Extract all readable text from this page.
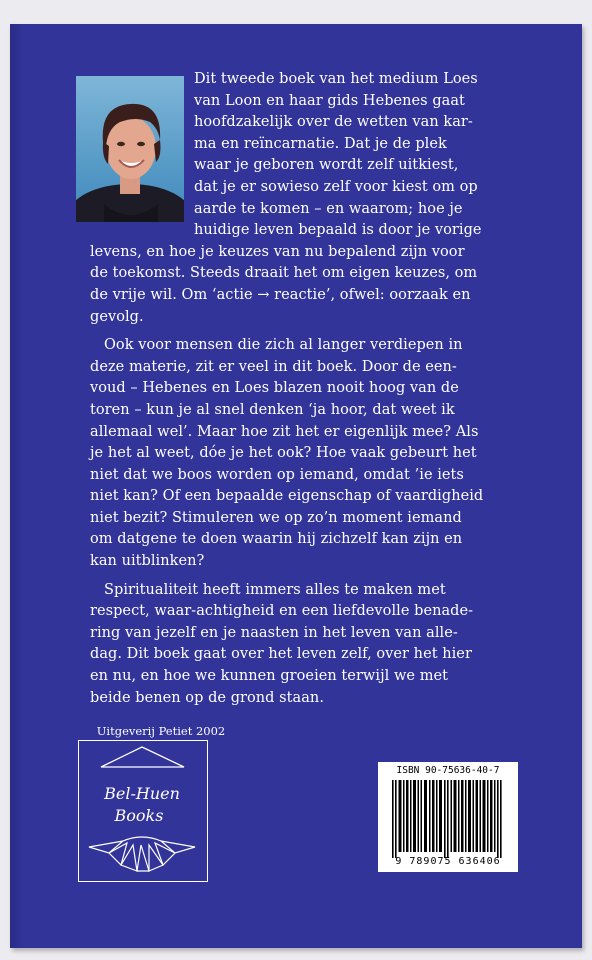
Dit tweede boek van het medium Loes
van Loon en haar gids Hebenes gaat
hoofdzakelijk over de wetten van kar-
ma en reïncarnatie. Dat je de plek
waar je geboren wordt zelf uitkiest,
dat je er sowieso zelf voor kiest om op
aarde te komen – en waarom; hoe je
huidige leven bepaald is door je vorige
levens, en hoe je keuzes van nu bepalend zijn voor
de toekomst. Steeds draait het om eigen keuzes, om
de vrije wil. Om ‘actie → reactie’, ofwel: oorzaak en
gevolg.

Ook voor mensen die zich al langer verdiepen in
deze materie, zit er veel in dit boek. Door de een-
voud – Hebenes en Loes blazen nooit hoog van de
toren – kun je al snel denken ‘ja hoor, dat weet ik
allemaal wel’. Maar hoe zit het er eigenlijk mee? Als
je het al weet, dóe je het ook? Hoe vaak gebeurt het
niet dat we boos worden op iemand, omdat ’ie iets
niet kan? Of een bepaalde eigenschap of vaardigheid
niet bezit? Stimuleren we op zo’n moment iemand
om datgene te doen waarin hij zichzelf kan zijn en
kan uitblinken?

Spiritualiteit heeft immers alles te maken met
respect, waar-achtigheid en een liefdevolle benade-
ring van jezelf en je naasten in het leven van alle-
dag. Dit boek gaat over het leven zelf, over het hier
en nu, en hoe we kunnen groeien terwijl we met
beide benen op de grond staan.

Uitgeverij Petiet 2002
Bel-Huen
Books
ISBN 90-75636-40-7
9 789075 636406
